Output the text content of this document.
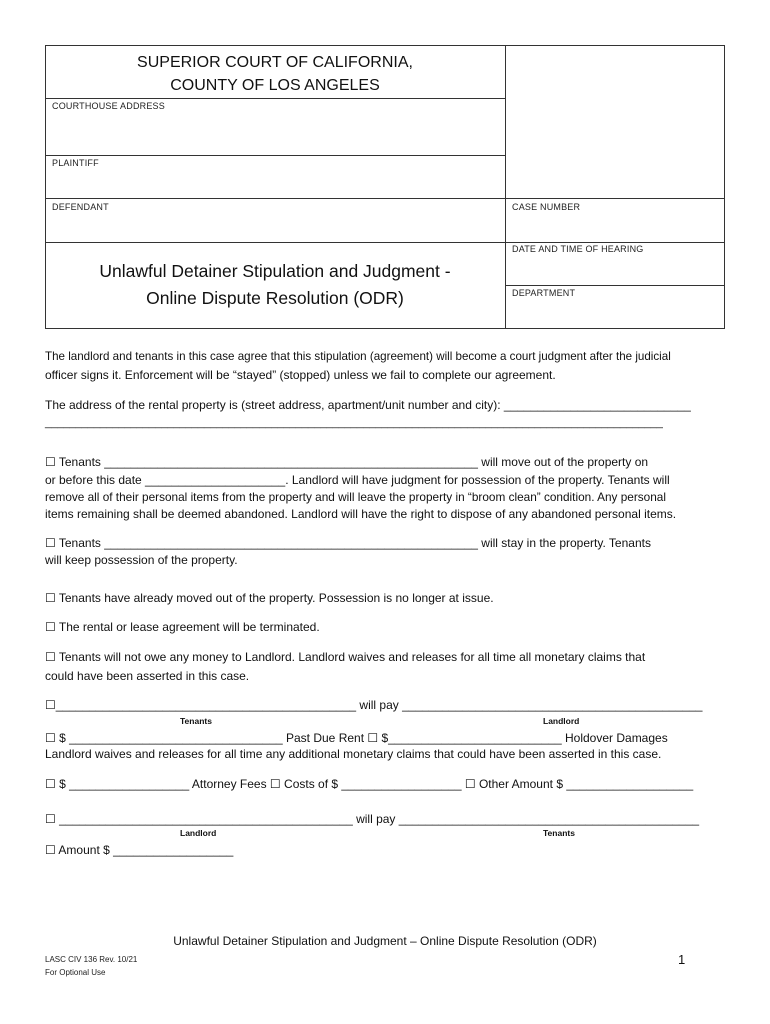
SUPERIOR COURT OF CALIFORNIA,
COUNTY OF LOS ANGELES
COURTHOUSE ADDRESS
PLAINTIFF
DEFENDANT	CASE NUMBER
DATE AND TIME OF HEARING
DEPARTMENT
Unlawful Detainer Stipulation and Judgment -
Online Dispute Resolution (ODR)
The landlord and tenants in this case agree that this stipulation (agreement) will become a court judgment after the judicial
officer signs it. Enforcement will be “stayed” (stopped) unless we fail to complete our agreement.
The address of the rental property is (street address, apartment/unit number and city): ____________________________
_____________________________________________________________________________________________________
☐ Tenants ________________________________________________________ will move out of the property on
or before this date _____________________. Landlord will have judgment for possession of the property. Tenants will
remove all of their personal items from the property and will leave the property in “broom clean” condition. Any personal
items remaining shall be deemed abandoned. Landlord will have the right to dispose of any abandoned personal items.
☐ Tenants ________________________________________________________ will stay in the property. Tenants
will keep possession of the property.
☐ Tenants have already moved out of the property. Possession is no longer at issue.
☐ The rental or lease agreement will be terminated.
☐ Tenants will not owe any money to Landlord. Landlord waives and releases for all time all monetary claims that
could have been asserted in this case.
☐_____________________________________________ will pay _____________________________________________
Tenants	Landlord
☐ $ ________________________________ Past Due Rent ☐ $__________________________ Holdover Damages
Landlord waives and releases for all time any additional monetary claims that could have been asserted in this case.
☐ $ __________________ Attorney Fees ☐ Costs of $ __________________ ☐ Other Amount $ ___________________
☐ ____________________________________________ will pay _____________________________________________
Landlord	Tenants
☐ Amount $ __________________
Unlawful Detainer Stipulation and Judgment – Online Dispute Resolution (ODR)
LASC CIV 136 Rev. 10/21
For Optional Use
1
